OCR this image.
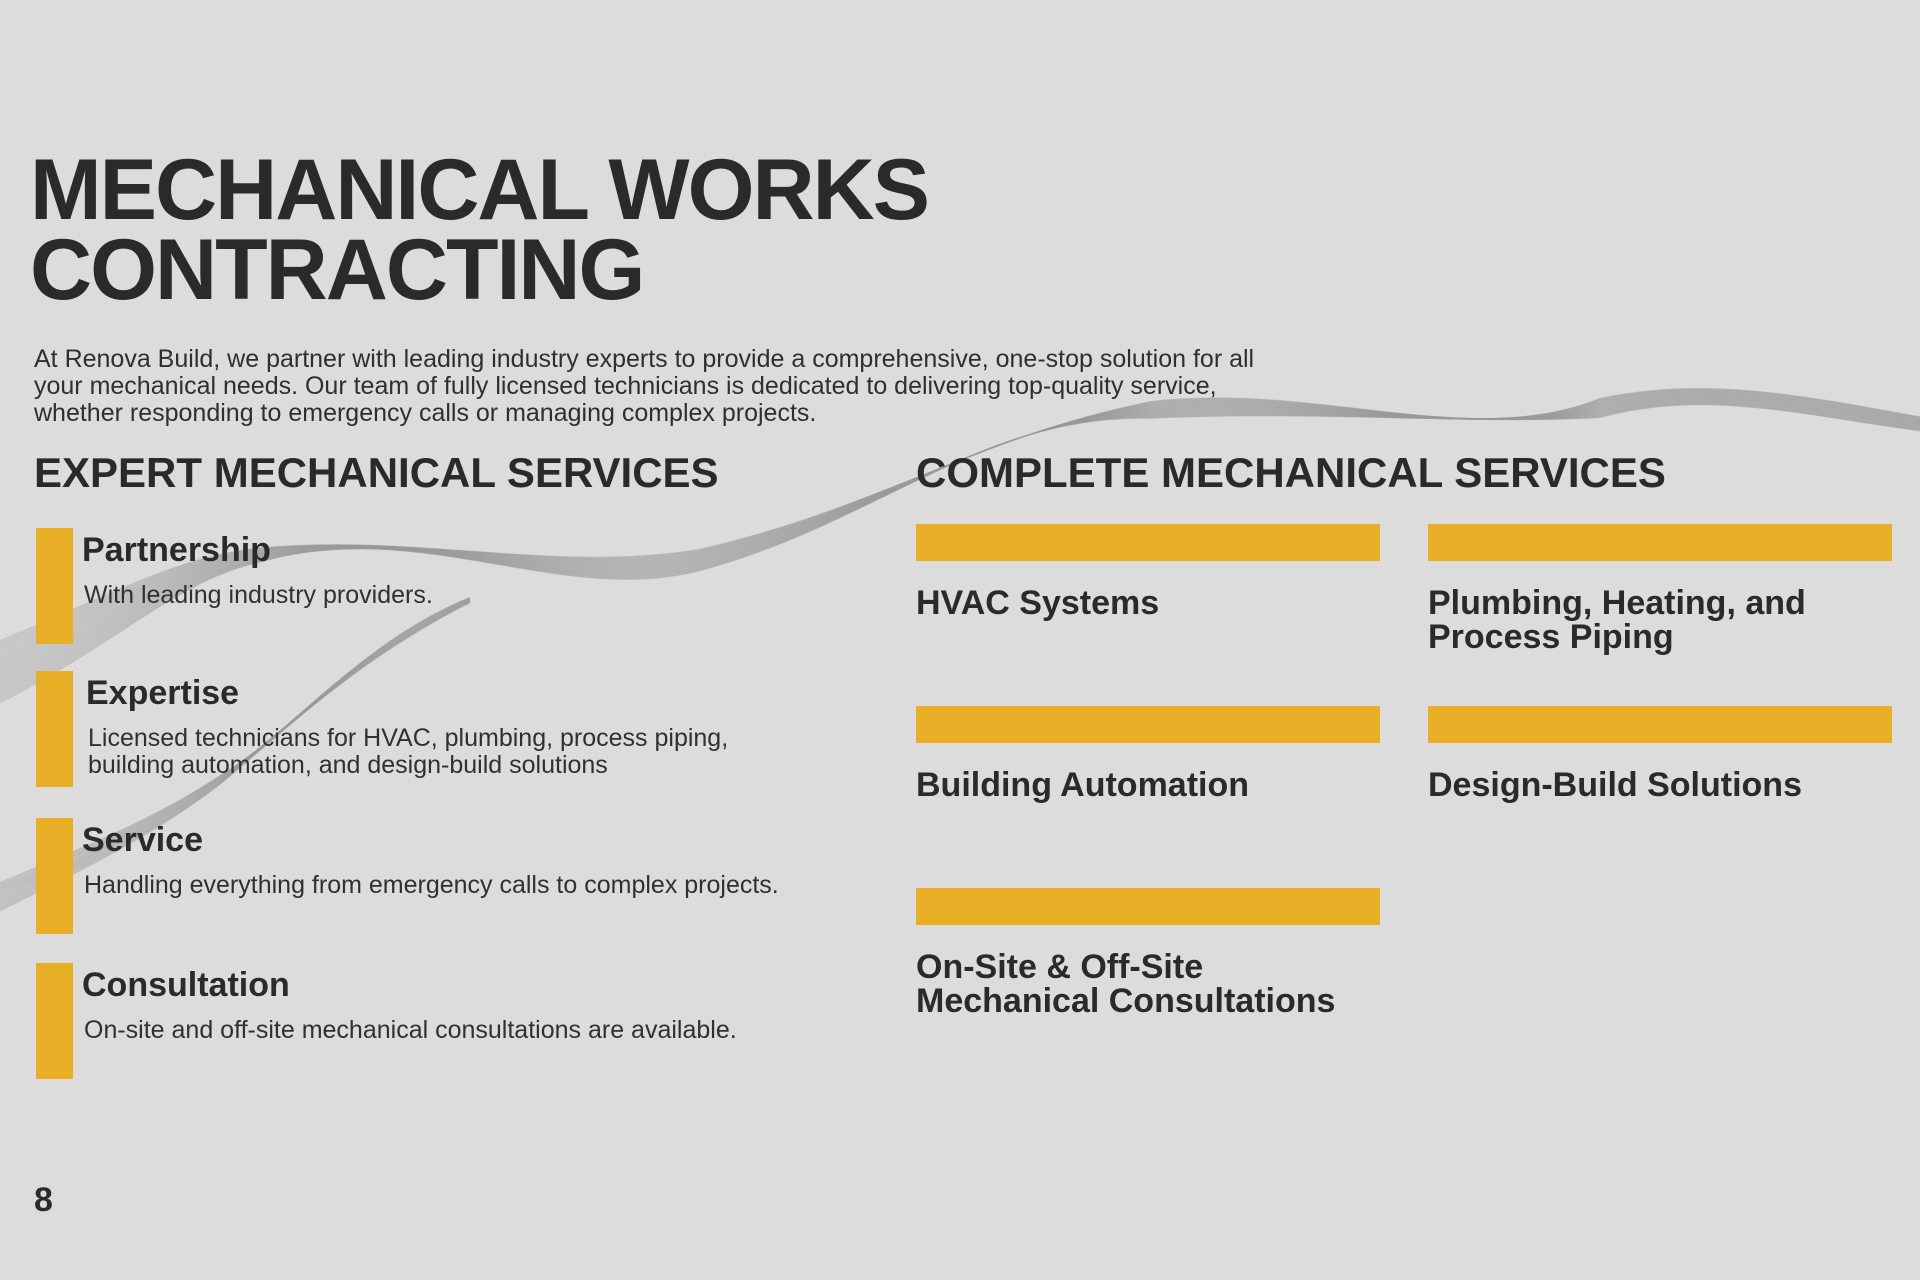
MECHANICAL WORKS
CONTRACTING

At Renova Build, we partner with leading industry experts to provide a comprehensive, one-stop solution for all your mechanical needs. Our team of fully licensed technicians is dedicated to delivering top-quality service, whether responding to emergency calls or managing complex projects.

EXPERT MECHANICAL SERVICES	COMPLETE MECHANICAL SERVICES
Partnership
With leading industry providers.
Expertise
Licensed technicians for HVAC, plumbing, process piping, building automation, and design-build solutions
Service
Handling everything from emergency calls to complex projects.
Consultation
On-site and off-site mechanical consultations are available.
HVAC Systems	Plumbing, Heating, and Process Piping
Building Automation	Design-Build Solutions
On-Site & Off-Site Mechanical Consultations
8
